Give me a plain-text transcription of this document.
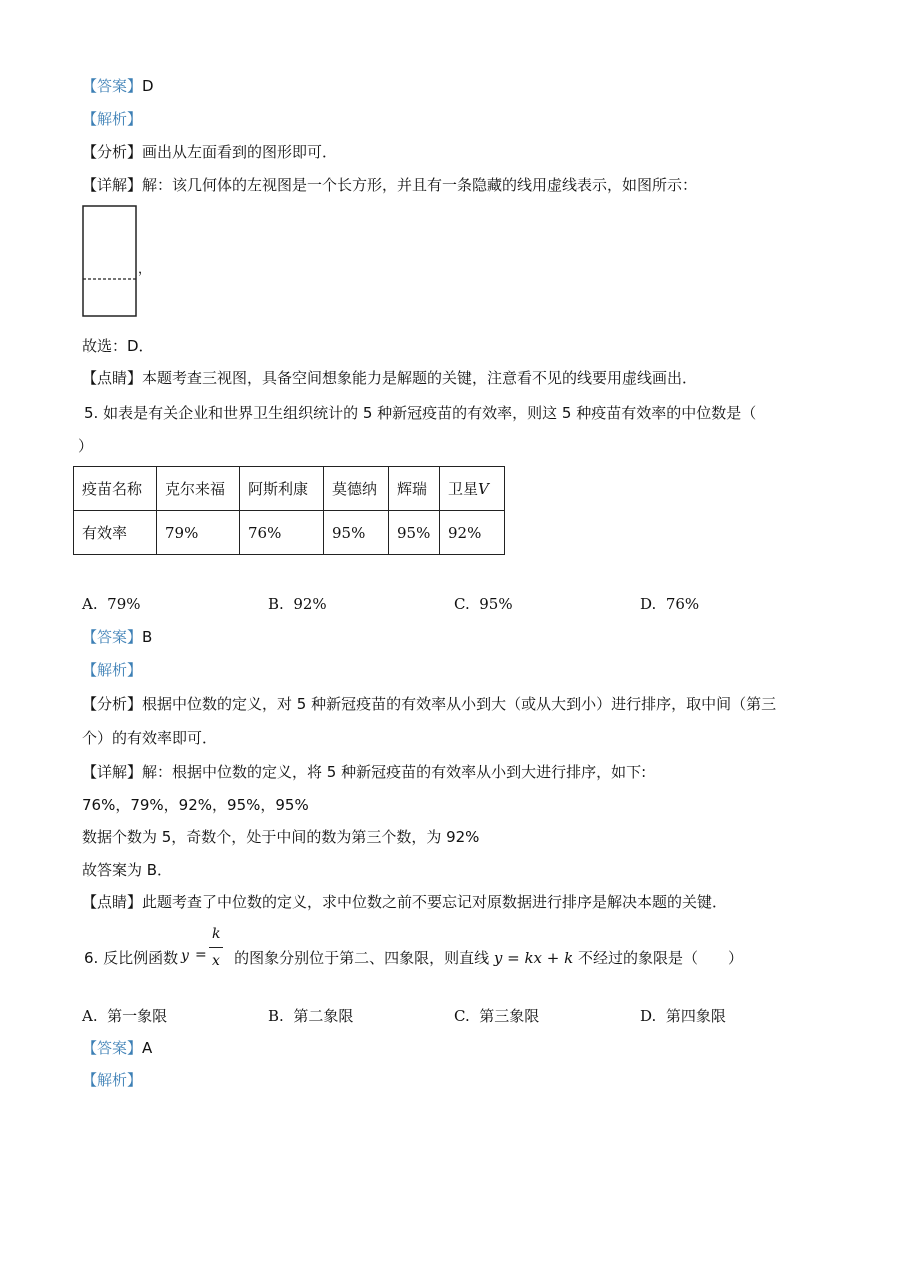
【答案】D
【解析】
【分析】画出从左面看到的图形即可．
【详解】解：该几何体的左视图是一个长方形，并且有一条隐藏的线用虚线表示，如图所示：
，
故选：D．
【点睛】本题考查三视图，具备空间想象能力是解题的关键，注意看不见的线要用虚线画出．
5. 如表是有关企业和世界卫生组织统计的 5 种新冠疫苗的有效率，则这 5 种疫苗有效率的中位数是（
）
疫苗名称	克尔来福	阿斯利康	莫德纳	辉瑞	卫星V
有效率	79%	76%	95%	95%	92%
A. 79%	B. 92%	C. 95%	D. 76%
【答案】B
【解析】
【分析】根据中位数的定义，对 5 种新冠疫苗的有效率从小到大（或从大到小）进行排序，取中间（第三
个）的有效率即可．
【详解】解：根据中位数的定义，将 5 种新冠疫苗的有效率从小到大进行排序，如下:
76%，79%，92%，95%，95%
数据个数为 5，奇数个，处于中间的数为第三个数，为 92%
故答案为 B．
【点睛】此题考查了中位数的定义，求中位数之前不要忘记对原数据进行排序是解决本题的关键．
6. 反比例函数	的图象分别位于第二、四象限，则直线 y = kx + k 不经过的象限是（　　）
y =
k
x
A. 第一象限	B. 第二象限	C. 第三象限	D. 第四象限
【答案】A
【解析】
